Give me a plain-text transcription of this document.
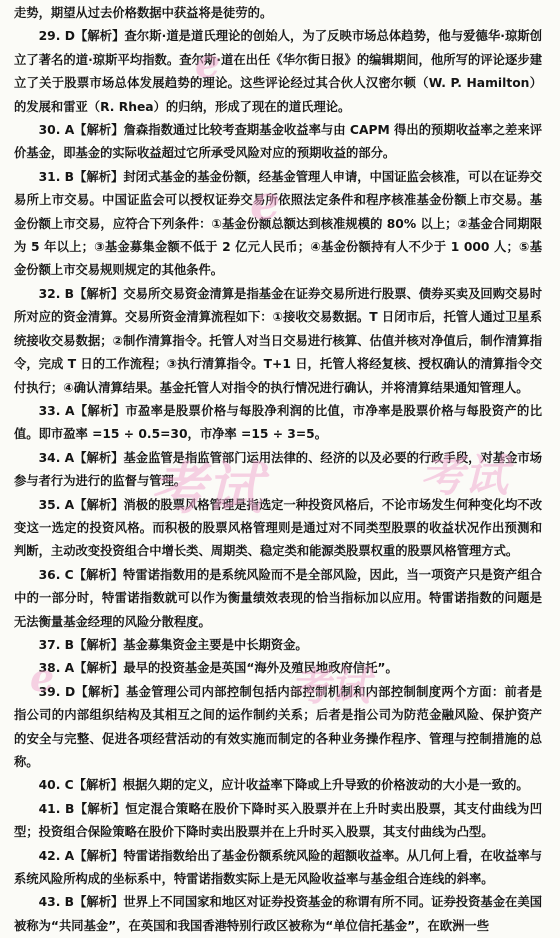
走势，期望从过去价格数据中获益将是徒劳的。
29. D【解析】查尔斯·道是道氏理论的创始人，为了反映市场总体趋势，他与爱德华·琼斯创立了著名的道·琼斯平均指数。查尔斯·道在出任《华尔街日报》的编辑期间，他所写的评论逐步建立了关于股票市场总体发展趋势的理论。这些评论经过其合伙人汉密尔顿（W. P. Hamilton）的发展和雷亚（R. Rhea）的归纳，形成了现在的道氏理论。
30. A【解析】詹森指数通过比较考查期基金收益率与由 CAPM 得出的预期收益率之差来评价基金，即基金的实际收益超过它所承受风险对应的预期收益的部分。
31. B【解析】封闭式基金的基金份额，经基金管理人申请，中国证监会核准，可以在证券交易所上市交易。中国证监会可以授权证券交易所依照法定条件和程序核准基金份额上市交易。基金份额上市交易，应符合下列条件：①基金份额总额达到核准规模的 80% 以上；②基金合同期限为 5 年以上；③基金募集金额不低于 2 亿元人民币；④基金份额持有人不少于 1 000 人；⑤基金份额上市交易规则规定的其他条件。
32. B【解析】交易所交易资金清算是指基金在证券交易所进行股票、债券买卖及回购交易时所对应的资金清算。交易所资金清算流程如下：①接收交易数据。T 日闭市后，托管人通过卫星系统接收交易数据；②制作清算指令。托管人对当日交易进行核算、估值并核对净值后，制作清算指令，完成 T 日的工作流程；③执行清算指令。T+1 日，托管人将经复核、授权确认的清算指令交付执行；④确认清算结果。基金托管人对指令的执行情况进行确认，并将清算结果通知管理人。
33. A【解析】市盈率是股票价格与每股净利润的比值，市净率是股票价格与每股资产的比值。即市盈率 =15 ÷ 0.5=30，市净率 =15 ÷ 3=5。
34. A【解析】基金监管是指监管部门运用法律的、经济的以及必要的行政手段，对基金市场参与者行为进行的监督与管理。
35. A【解析】消极的股票风格管理是指选定一种投资风格后，不论市场发生何种变化均不改变这一选定的投资风格。而积极的股票风格管理则是通过对不同类型股票的收益状况作出预测和判断，主动改变投资组合中增长类、周期类、稳定类和能源类股票权重的股票风格管理方式。
36. C【解析】特雷诺指数用的是系统风险而不是全部风险，因此，当一项资产只是资产组合中的一部分时，特雷诺指数就可以作为衡量绩效表现的恰当指标加以应用。特雷诺指数的问题是无法衡量基金经理的风险分散程度。
37. B【解析】基金募集资金主要是中长期资金。
38. A【解析】最早的投资基金是英国“海外及殖民地政府信托”。
39. D【解析】基金管理公司内部控制包括内部控制机制和内部控制制度两个方面：前者是指公司的内部组织结构及其相互之间的运作制约关系；后者是指公司为防范金融风险、保护资产的安全与完整、促进各项经营活动的有效实施而制定的各种业务操作程序、管理与控制措施的总称。
40. C【解析】根据久期的定义，应计收益率下降或上升导致的价格波动的大小是一致的。
41. B【解析】恒定混合策略在股价下降时买入股票并在上升时卖出股票，其支付曲线为凹型；投资组合保险策略在股价下降时卖出股票并在上升时买入股票，其支付曲线为凸型。
42. A【解析】特雷诺指数给出了基金份额系统风险的超额收益率。从几何上看，在收益率与系统风险所构成的坐标系中，特雷诺指数实际上是无风险收益率与基金组合连线的斜率。
43. B【解析】世界上不同国家和地区对证券投资基金的称谓有所不同。证券投资基金在美国被称为“共同基金”，在英国和我国香港特别行政区被称为“单位信托基金”，在欧洲一些
e
e
考试	考试
e	考试
